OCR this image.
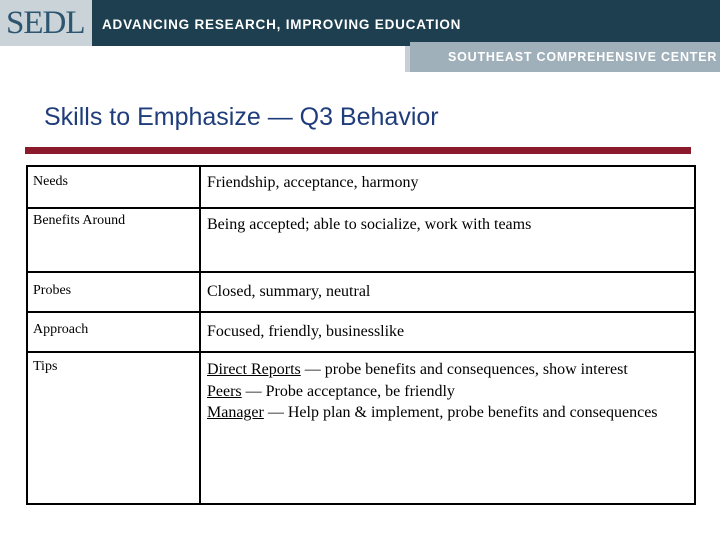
SEDL ADVANCING RESEARCH, IMPROVING EDUCATION
SOUTHEAST COMPREHENSIVE CENTER
Skills to Emphasize — Q3 Behavior
Needs	Friendship, acceptance, harmony
Benefits Around	Being accepted; able to socialize, work with teams
Probes	Closed, summary, neutral
Approach	Focused, friendly, businesslike
Tips	Direct Reports — probe benefits and consequences, show interest
Peers — Probe acceptance, be friendly
Manager — Help plan & implement, probe benefits and consequences
